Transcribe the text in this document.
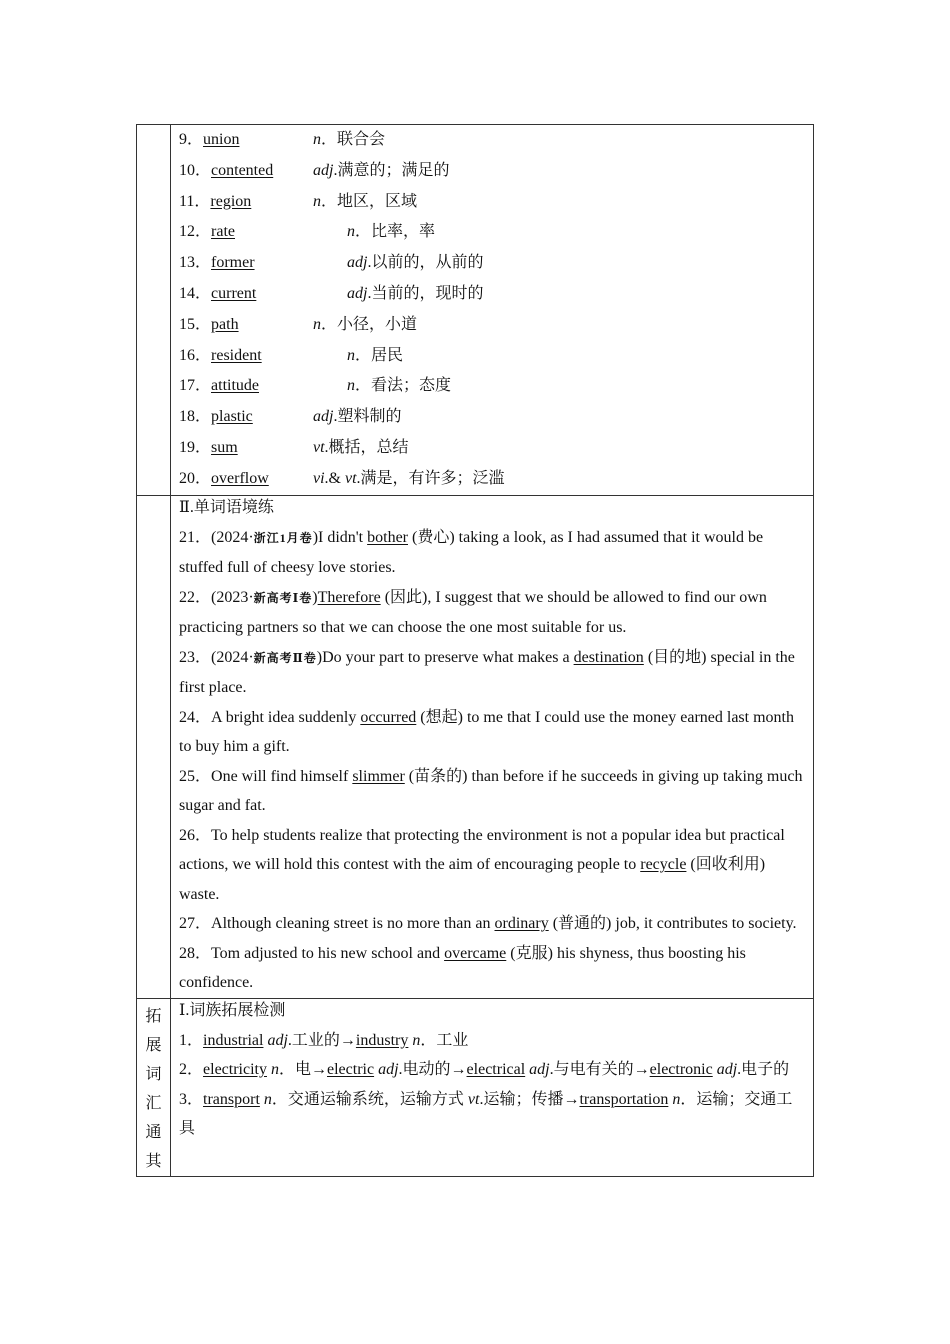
9．union	n．联合会
10．contented adj.满意的；满足的
11．region	n．地区，区域
12．rate	n．比率，率
13．former	adj.以前的，从前的
14．current	adj.当前的，现时的
15．path	n．小径，小道
16．resident	n．居民
17．attitude	n．看法；态度
18．plastic	adj.塑料制的
19．sum	vt.概括，总结
20．overflow	vi.& vt.满是，有许多；泛滥
Ⅱ.单词语境练
21．(2024·浙江1月卷)I didn't bother (费心) taking a look, as I had assumed that it would be stuffed full of cheesy love stories.
22．(2023·新高考Ⅰ卷)Therefore (因此), I suggest that we should be allowed to find our own practicing partners so that we can choose the one most suitable for us.
23．(2024·新高考Ⅱ卷)Do your part to preserve what makes a destination (目的地) special in the first place.
24．A bright idea suddenly occurred (想起) to me that I could use the money earned last month to buy him a gift.
25．One will find himself slimmer (苗条的) than before if he succeeds in giving up taking much sugar and fat.
26．To help students realize that protecting the environment is not a popular idea but practical actions, we will hold this contest with the aim of encouraging people to recycle (回收利用) waste.
27．Although cleaning street is no more than an ordinary (普通的) job, it contributes to society.
28．Tom adjusted to his new school and overcame (克服) his shyness, thus boosting his confidence.
拓
展
词
汇
通
其
Ⅰ.词族拓展检测
1．industrial adj.工业的→industry n．工业
2．electricity n．电→electric adj.电动的→electrical adj.与电有关的→electronic adj.电子的
3．transport n．交通运输系统，运输方式 vt.运输；传播→transportation n．运输；交通工具
